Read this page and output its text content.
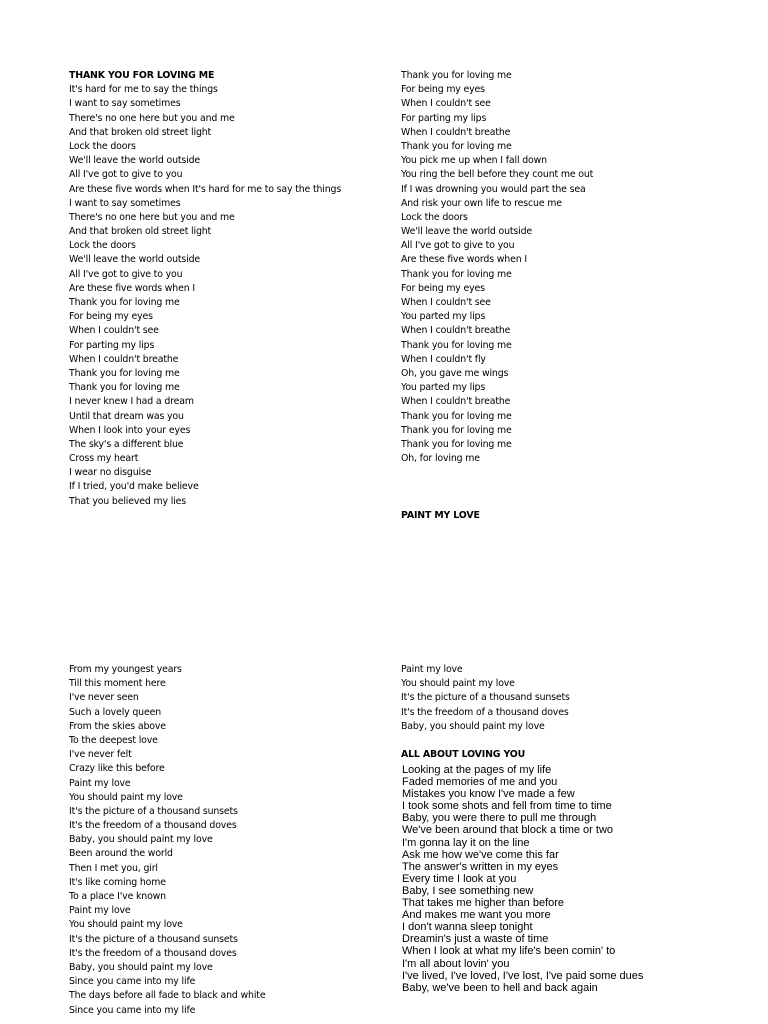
THANK YOU FOR LOVING ME
It's hard for me to say the things
I want to say sometimes
There's no one here but you and me
And that broken old street light
Lock the doors
We'll leave the world outside
All I've got to give to you
Are these five words when It's hard for me to say the things
I want to say sometimes
There's no one here but you and me
And that broken old street light
Lock the doors
We'll leave the world outside
All I've got to give to you
Are these five words when I
Thank you for loving me
For being my eyes
When I couldn't see
For parting my lips
When I couldn't breathe
Thank you for loving me
Thank you for loving me
I never knew I had a dream
Until that dream was you
When I look into your eyes
The sky's a different blue
Cross my heart
I wear no disguise
If I tried, you'd make believe
That you believed my lies
Thank you for loving me
For being my eyes
When I couldn't see
For parting my lips
When I couldn't breathe
Thank you for loving me
You pick me up when I fall down
You ring the bell before they count me out
If I was drowning you would part the sea
And risk your own life to rescue me
Lock the doors
We'll leave the world outside
All I've got to give to you
Are these five words when I
Thank you for loving me
For being my eyes
When I couldn't see
You parted my lips
When I couldn't breathe
Thank you for loving me
When I couldn't fly
Oh, you gave me wings
You parted my lips
When I couldn't breathe
Thank you for loving me
Thank you for loving me
Thank you for loving me
Oh, for loving me
PAINT MY LOVE
From my youngest years
Till this moment here
I've never seen
Such a lovely queen
From the skies above
To the deepest love
I've never felt
Crazy like this before
Paint my love
You should paint my love
It's the picture of a thousand sunsets
It's the freedom of a thousand doves
Baby, you should paint my love
Been around the world
Then I met you, girl
It's like coming home
To a place I've known
Paint my love
You should paint my love
It's the picture of a thousand sunsets
It's the freedom of a thousand doves
Baby, you should paint my love
Since you came into my life
The days before all fade to black and white
Since you came into my life
Paint my love
You should paint my love
It's the picture of a thousand sunsets
It's the freedom of a thousand doves
Baby, you should paint my love
ALL ABOUT LOVING YOU
Looking at the pages of my life
Faded memories of me and you
Mistakes you know I've made a few
I took some shots and fell from time to time
Baby, you were there to pull me through
We've been around that block a time or two
I'm gonna lay it on the line
Ask me how we've come this far
The answer's written in my eyes
Every time I look at you
Baby, I see something new
That takes me higher than before
And makes me want you more
I don't wanna sleep tonight
Dreamin's just a waste of time
When I look at what my life's been comin' to
I'm all about lovin' you
I've lived, I've loved, I've lost, I've paid some dues
Baby, we've been to hell and back again
